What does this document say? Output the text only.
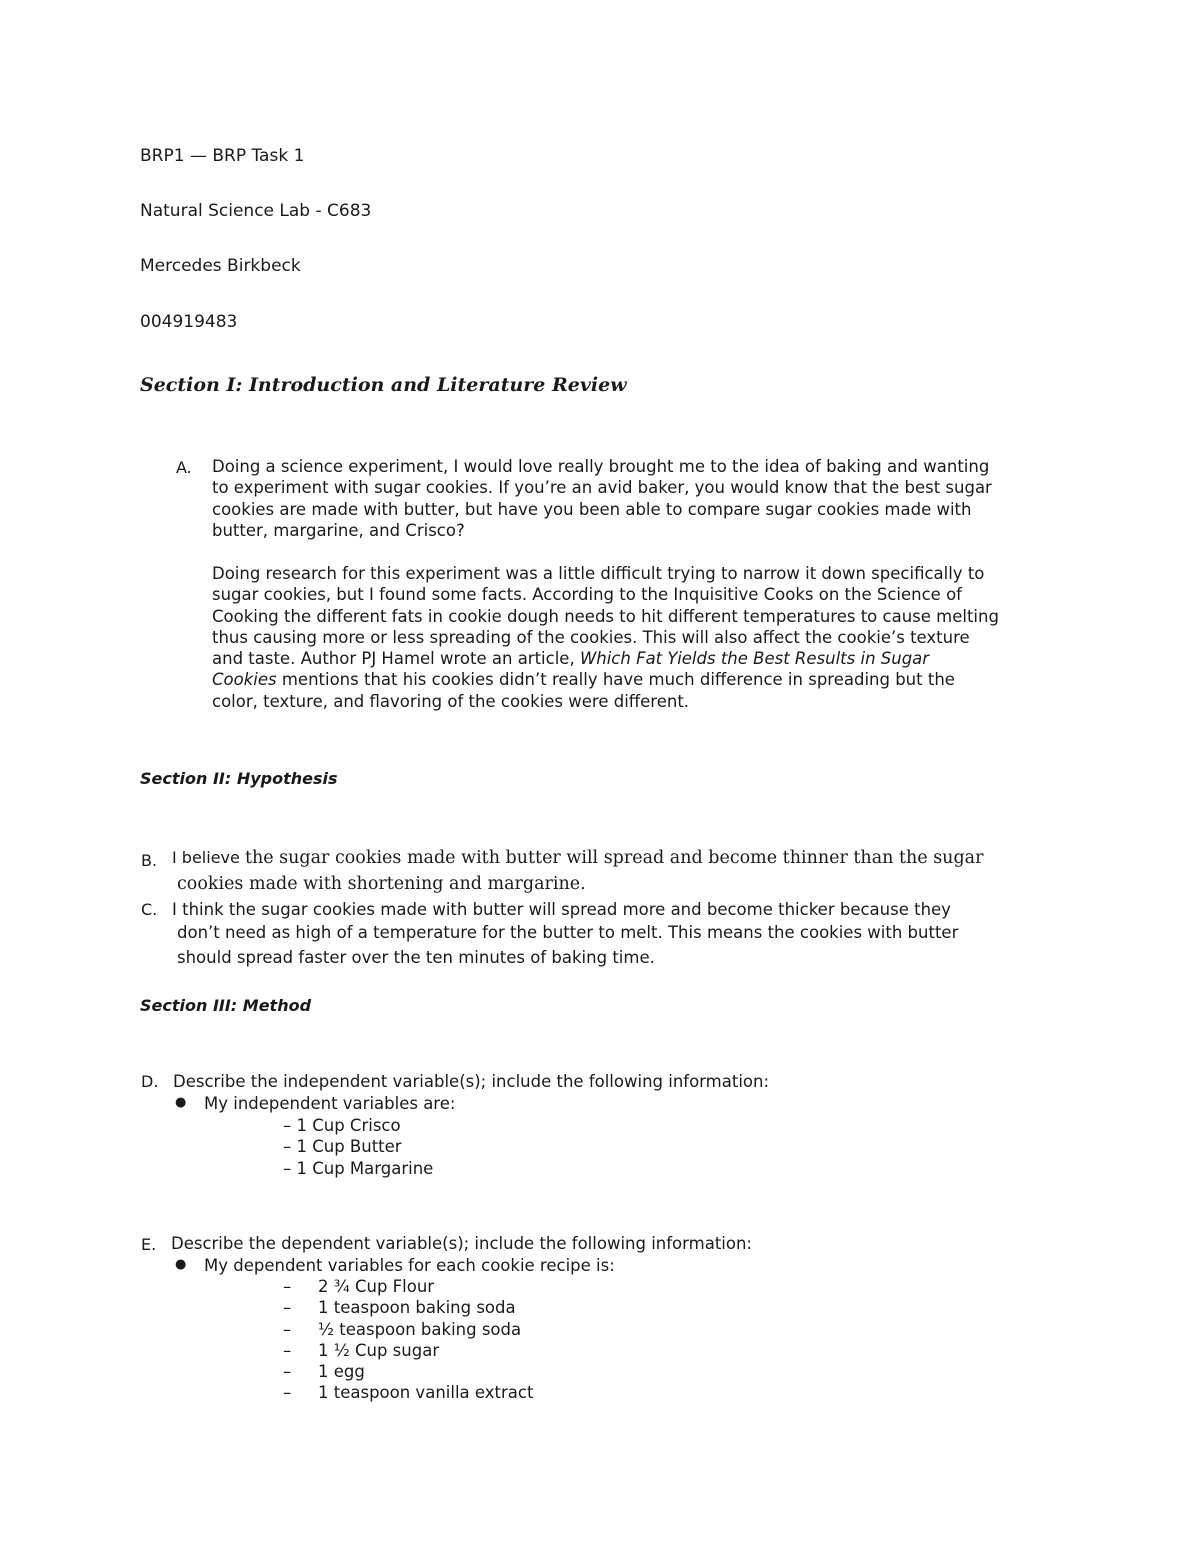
BRP1 — BRP Task 1
Natural Science Lab - C683
Mercedes Birkbeck
004919483
Section I: Introduction and Literature Review
A. Doing a science experiment, I would love really brought me to the idea of baking and wanting
to experiment with sugar cookies. If you’re an avid baker, you would know that the best sugar
cookies are made with butter, but have you been able to compare sugar cookies made with
butter, margarine, and Crisco?
Doing research for this experiment was a little difficult trying to narrow it down specifically to
sugar cookies, but I found some facts. According to the Inquisitive Cooks on the Science of
Cooking the different fats in cookie dough needs to hit different temperatures to cause melting
thus causing more or less spreading of the cookies. This will also affect the cookie’s texture
and taste. Author PJ Hamel wrote an article, Which Fat Yields the Best Results in Sugar
Cookies mentions that his cookies didn’t really have much difference in spreading but the
color, texture, and flavoring of the cookies were different.
Section II: Hypothesis
B. I believe the sugar cookies made with butter will spread and become thinner than the sugar
cookies made with shortening and margarine.
C. I think the sugar cookies made with butter will spread more and become thicker because they
don’t need as high of a temperature for the butter to melt. This means the cookies with butter
should spread faster over the ten minutes of baking time.
Section III: Method
D. Describe the independent variable(s); include the following information:
● My independent variables are:
– 1 Cup Crisco
– 1 Cup Butter
– 1 Cup Margarine
E. Describe the dependent variable(s); include the following information:
● My dependent variables for each cookie recipe is:
–
–
–
–
–
–
2 ¾ Cup Flour
1 teaspoon baking soda
½ teaspoon baking soda
1 ½ Cup sugar
1 egg
1 teaspoon vanilla extract
